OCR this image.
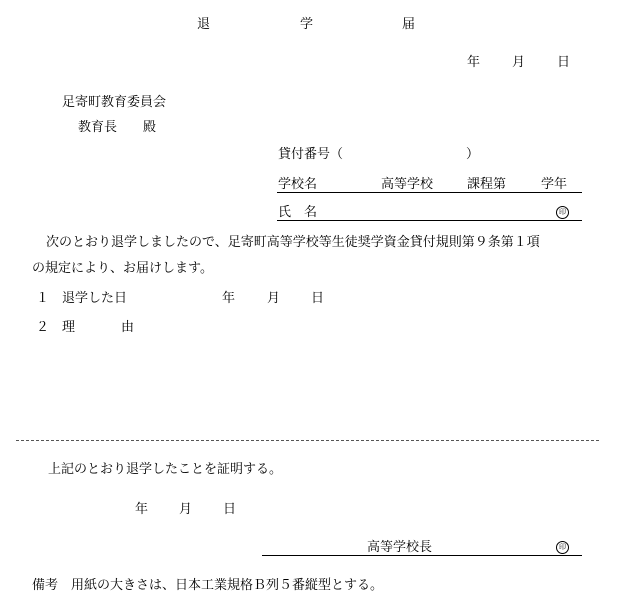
退	学	届
年 月 日
足寄町教育委員会
教育長　　殿
貸付番号（	）
学校名	高等学校	課程第	学年
氏　名	印
次のとおり退学しましたので、足寄町高等学校等生徒奨学資金貸付規則第９条第１項
の規定により、お届けします。
１ 退学した日	年 月 日
２ 理	由
上記のとおり退学したことを証明する。
年 月 日
高等学校長	印
備考　用紙の大きさは、日本工業規格Ｂ列５番縦型とする。
